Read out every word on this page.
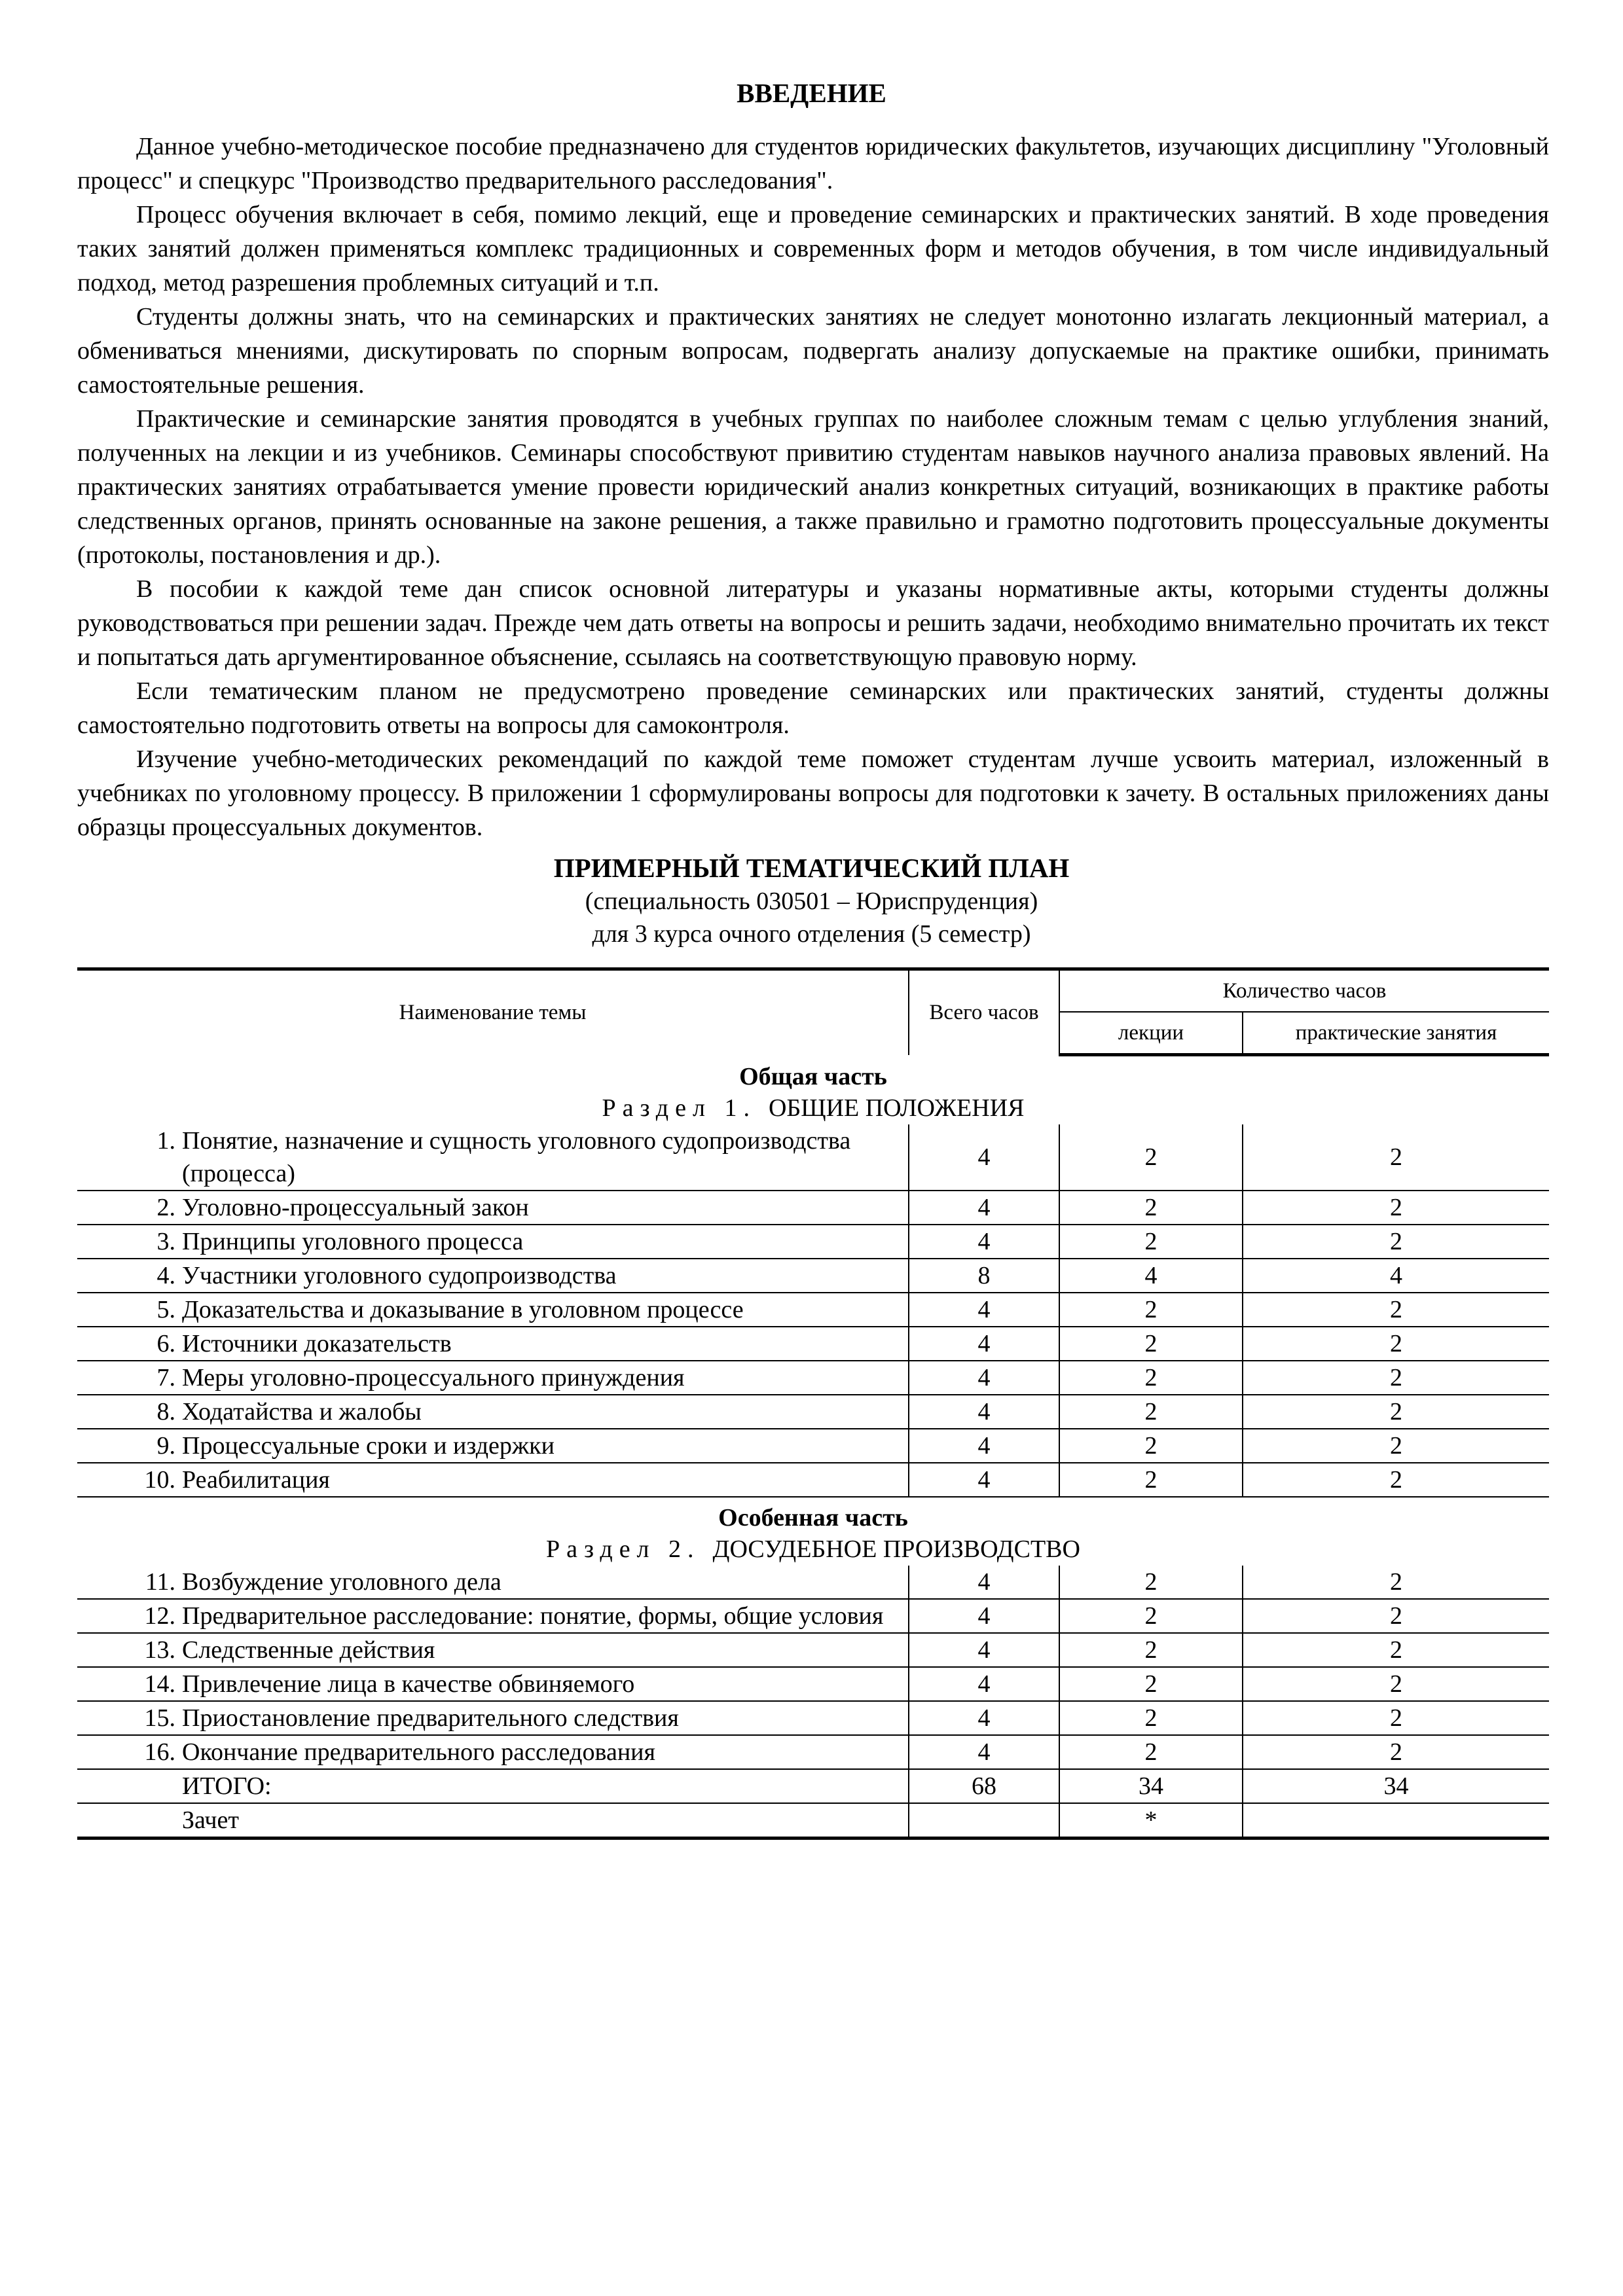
ВВЕДЕНИЕ

Данное учебно-методическое пособие предназначено для студентов юридических факультетов, изучающих дисциплину "Уголовный процесс" и спецкурс "Производство предварительного расследования".

Процесс обучения включает в себя, помимо лекций, еще и проведение семинарских и практических занятий. В ходе проведения таких занятий должен применяться комплекс традиционных и современных форм и методов обучения, в том числе индивидуальный подход, метод разрешения проблемных ситуаций и т.п.

Студенты должны знать, что на семинарских и практических занятиях не следует монотонно излагать лекционный материал, а обмениваться мнениями, дискутировать по спорным вопросам, подвергать анализу допускаемые на практике ошибки, принимать самостоятельные решения.

Практические и семинарские занятия проводятся в учебных группах по наиболее сложным темам с целью углубления знаний, полученных на лекции и из учебников. Семинары способствуют привитию студентам навыков научного анализа правовых явлений. На практических занятиях отрабатывается умение провести юридический анализ конкретных ситуаций, возникающих в практике работы следственных органов, принять основанные на законе решения, а также правильно и грамотно подготовить процессуальные документы (протоколы, постановления и др.).

В пособии к каждой теме дан список основной литературы и указаны нормативные акты, которыми студенты должны руководствоваться при решении задач. Прежде чем дать ответы на вопросы и решить задачи, необходимо внимательно прочитать их текст и попытаться дать аргументированное объяснение, ссылаясь на соответствующую правовую норму.

Если тематическим планом не предусмотрено проведение семинарских или практических занятий, студенты должны самостоятельно подготовить ответы на вопросы для самоконтроля.

Изучение учебно-методических рекомендаций по каждой теме поможет студентам лучше усвоить материал, изложенный в учебниках по уголовному процессу. В приложении 1 сформулированы вопросы для подготовки к зачету. В остальных приложениях даны образцы процессуальных документов.

ПРИМЕРНЫЙ ТЕМАТИЧЕСКИЙ ПЛАН
(специальность 030501 – Юриспруденция)
для 3 курса очного отделения (5 семестр)
Наименование темы	Всего часов	Количество часов	
		лекции	практические занятия
Общая часть			
Раздел 1. ОБЩИЕ ПОЛОЖЕНИЯ			

1. Понятие, назначение и сущность уголовного судопроизводства (процесса)	4	2	2

2. Уголовно-процессуальный закон	4	2	2

3. Принципы уголовного процесса	4	2	2

4. Участники уголовного судопроизводства	8	4	4

5. Доказательства и доказывание в уголовном процессе	4	2	2

6. Источники доказательств	4	2	2

7. Меры уголовно-процессуального принуждения	4	2	2

8. Ходатайства и жалобы	4	2	2

9. Процессуальные сроки и издержки	4	2	2

10. Реабилитация	4	2	2
Особенная часть			
Раздел 2. ДОСУДЕБНОЕ ПРОИЗВОДСТВО			

11. Возбуждение уголовного дела	4	2	2

12. Предварительное расследование: понятие, формы, общие условия	4	2	2

13. Следственные действия	4	2	2

14. Привлечение лица в качестве обвиняемого	4	2	2

15. Приостановление предварительного следствия	4	2	2

16. Окончание предварительного расследования	4	2	2
ИТОГО:	68	34	34
Зачет		*	
